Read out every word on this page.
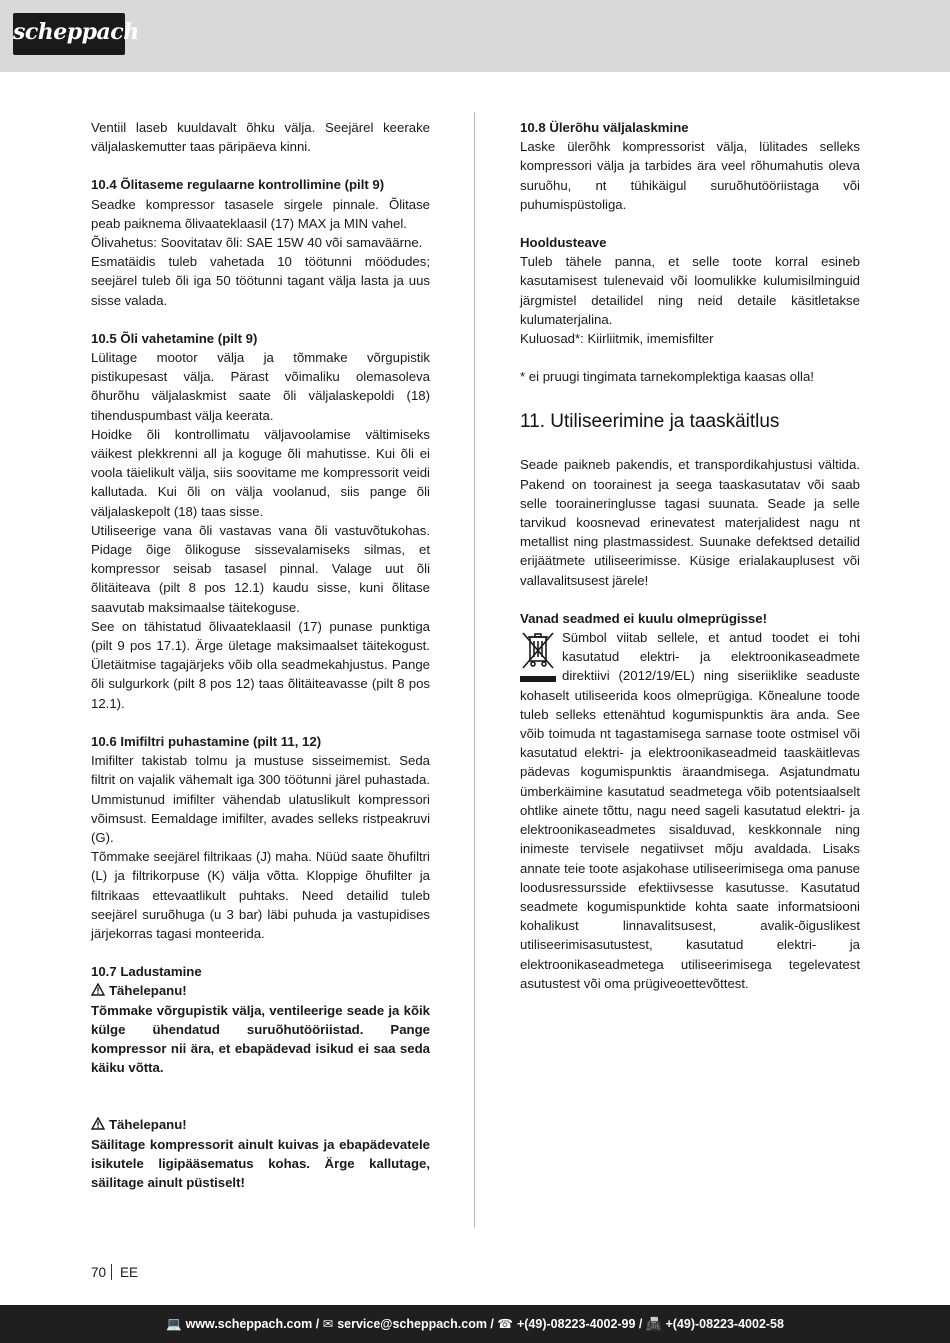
scheppach

Ventiil laseb kuuldavalt õhku välja. Seejärel keerake väljalaskemutter taas päripäeva kinni.

10.4 Õlitaseme regulaarne kontrollimine (pilt 9)

Seadke kompressor tasasele sirgele pinnale. Õlitase peab paiknema õlivaateklaasil (17) MAX ja MIN vahel.

Õlivahetus: Soovitatav õli: SAE 15W 40 või samaväärne.

Esmatäidis tuleb vahetada 10 töötunni möödudes; seejärel tuleb õli iga 50 töötunni tagant välja lasta ja uus sisse valada.

10.5 Õli vahetamine (pilt 9)

Lülitage mootor välja ja tõmmake võrgupistik pistikupesast välja. Pärast võimaliku olemasoleva õhurõhu väljalaskmist saate õli väljalaskepoldi (18) tihenduspumbast välja keerata.

Hoidke õli kontrollimatu väljavoolamise vältimiseks väikest plekkrenni all ja koguge õli mahutisse. Kui õli ei voola täielikult välja, siis soovitame me kompressorit veidi kallutada. Kui õli on välja voolanud, siis pange õli väljalaskepolt (18) taas sisse.

Utiliseerige vana õli vastavas vana õli vastuvõtukohas. Pidage õige õlikoguse sissevalamiseks silmas, et kompressor seisab tasasel pinnal. Valage uut õli õlitäiteava (pilt 8 pos 12.1) kaudu sisse, kuni õlitase saavutab maksimaalse täitekoguse.

See on tähistatud õlivaateklaasil (17) punase punktiga (pilt 9 pos 17.1). Ärge ületage maksimaalset täitekogust. Ületäitmise tagajärjeks võib olla seadmekahjustus. Pange õli sulgurkork (pilt 8 pos 12) taas õlitäiteavasse (pilt 8 pos 12.1).

10.6 Imifiltri puhastamine (pilt 11, 12)

Imifilter takistab tolmu ja mustuse sisseimemist. Seda filtrit on vajalik vähemalt iga 300 töötunni järel puhastada. Ummistunud imifilter vähendab ulatuslikult kompressori võimsust. Eemaldage imifilter, avades selleks ristpeakruvi (G).

Tõmmake seejärel filtrikaas (J) maha. Nüüd saate õhufiltri (L) ja filtrikorpuse (K) välja võtta. Kloppige õhufilter ja filtrikaas ettevaatlikult puhtaks. Need detailid tuleb seejärel suruõhuga (u 3 bar) läbi puhuda ja vastupidises järjekorras tagasi monteerida.

10.7 Ladustamine

Tähelepanu!

Tõmmake võrgupistik välja, ventileerige seade ja kõik külge ühendatud suruõhutööriistad. Pange kompressor nii ära, et ebapädevad isikud ei saa seda käiku võtta.

Tähelepanu!

Säilitage kompressorit ainult kuivas ja ebapädevatele isikutele ligipääsematus kohas. Ärge kallutage, säilitage ainult püstiselt!

10.8 Ülerõhu väljalaskmine

Laske ülerõhk kompressorist välja, lülitades selleks kompressori välja ja tarbides ära veel rõhumahutis oleva suruõhu, nt tühikäigul suruõhutööriistaga või puhumispüstoliga.

Hooldusteave

Tuleb tähele panna, et selle toote korral esineb kasutamisest tulenevaid või loomulikke kulumisilminguid järgmistel detailidel ning neid detaile käsitletakse kulumaterjalina.

Kuluosad*: Kiirliitmik, imemisfilter

* ei pruugi tingimata tarnekomplektiga kaasas olla!

11. Utiliseerimine ja taaskäitlus

Seade paikneb pakendis, et transpordikahjustusi vältida. Pakend on toorainest ja seega taaskasutatav või saab selle tooraineringlusse tagasi suunata. Seade ja selle tarvikud koosnevad erinevatest materjalidest nagu nt metallist ning plastmassidest. Suunake defektsed detailid erijäätmete utiliseerimisse. Küsige erialakauplusest või vallavalitsusest järele!

Vanad seadmed ei kuulu olmeprügisse!

Sümbol viitab sellele, et antud toodet ei tohi kasutatud elektri- ja elektroonikaseadmete direktiivi (2012/19/EL) ning siseriiklike seaduste kohaselt utiliseerida koos olmeprügiga. Kõnealune toode tuleb selleks ettenähtud kogumispunktis ära anda. See võib toimuda nt tagastamisega sarnase toote ostmisel või kasutatud elektri- ja elektroonikaseadmeid taaskäitlevas pädevas kogumispunktis äraandmisega. Asjatundmatu ümberkäimine kasutatud seadmetega võib potentsiaalselt ohtlike ainete tõttu, nagu need sageli kasutatud elektri- ja elektroonikaseadmetes sisalduvad, keskkonnale ning inimeste tervisele negatiivset mõju avaldada. Lisaks annate teie toote asjakohase utiliseerimisega oma panuse loodusressursside efektiivsesse kasutusse. Kasutatud seadmete kogumispunktide kohta saate informatsiooni kohalikust linnavalitsusest, avalik-õiguslikest utiliseerimisasutustest, kasutatud elektri- ja elektroonikaseadmetega utiliseerimisega tegelevatest asutustest või oma prügiveoettevõttest.

70 EE
💻 www.scheppach.com / ✉ service@scheppach.com / ☎ +(49)-08223-4002-99 / 📠 +(49)-08223-4002-58
